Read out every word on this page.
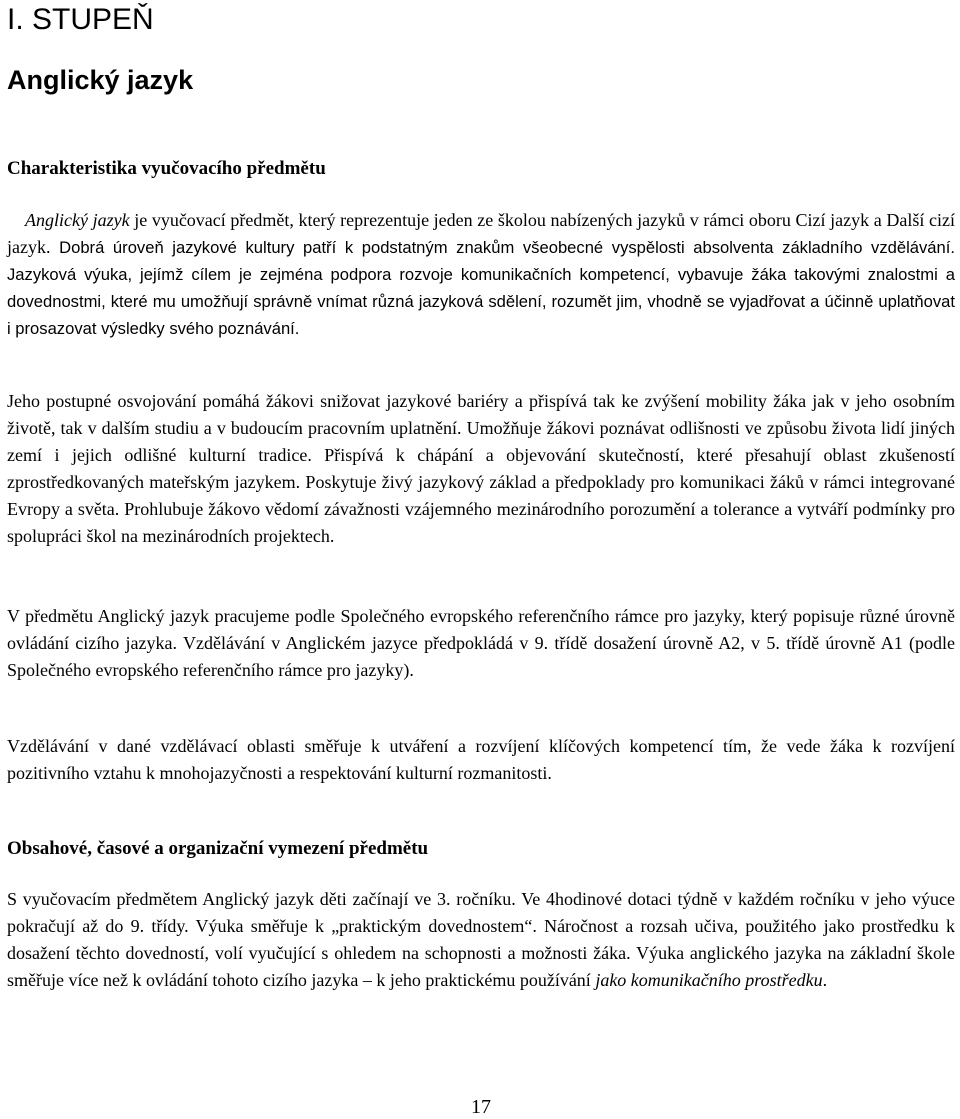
I. STUPEŇ
Anglický jazyk
Charakteristika vyučovacího předmětu

Anglický jazyk je vyučovací předmět, který reprezentuje jeden ze školou nabízených jazyků v rámci oboru Cizí jazyk a Další cizí jazyk. Dobrá úroveň jazykové kultury patří k podstatným znakům všeobecné vyspělosti absolventa základního vzdělávání. Jazyková výuka, jejímž cílem je zejména podpora rozvoje komunikačních kompetencí, vybavuje žáka takovými znalostmi a dovednostmi, které mu umožňují správně vnímat různá jazyková sdělení, rozumět jim, vhodně se vyjadřovat a účinně uplatňovat i prosazovat výsledky svého poznávání.

Jeho postupné osvojování pomáhá žákovi snižovat jazykové bariéry a přispívá tak ke zvýšení mobility žáka jak v jeho osobním životě, tak v dalším studiu a v budoucím pracovním uplatnění. Umožňuje žákovi poznávat odlišnosti ve způsobu života lidí jiných zemí i jejich odlišné kulturní tradice. Přispívá k chápání a objevování skutečností, které přesahují oblast zkušeností zprostředkovaných mateřským jazykem. Poskytuje živý jazykový základ a předpoklady pro komunikaci žáků v rámci integrované Evropy a světa. Prohlubuje žákovo vědomí závažnosti vzájemného mezinárodního porozumění a tolerance a vytváří podmínky pro spolupráci škol na mezinárodních projektech.

V předmětu Anglický jazyk pracujeme podle Společného evropského referenčního rámce pro jazyky, který popisuje různé úrovně ovládání cizího jazyka. Vzdělávání v Anglickém jazyce předpokládá v 9. třídě dosažení úrovně A2, v 5. třídě úrovně A1 (podle Společného evropského referenčního rámce pro jazyky).

Vzdělávání v dané vzdělávací oblasti směřuje k utváření a rozvíjení klíčových kompetencí tím, že vede žáka k rozvíjení pozitivního vztahu k mnohojazyčnosti a respektování kulturní rozmanitosti.

Obsahové, časové a organizační vymezení předmětu

S vyučovacím předmětem Anglický jazyk děti začínají ve 3. ročníku. Ve 4hodinové dotaci týdně v každém ročníku v jeho výuce pokračují až do 9. třídy. Výuka směřuje k „praktickým dovednostem“. Náročnost a rozsah učiva, použitého jako prostředku k dosažení těchto dovedností, volí vyučující s ohledem na schopnosti a možnosti žáka. Výuka anglického jazyka na základní škole směřuje více než k ovládání tohoto cizího jazyka – k jeho praktickému používání jako komunikačního prostředku.

17
